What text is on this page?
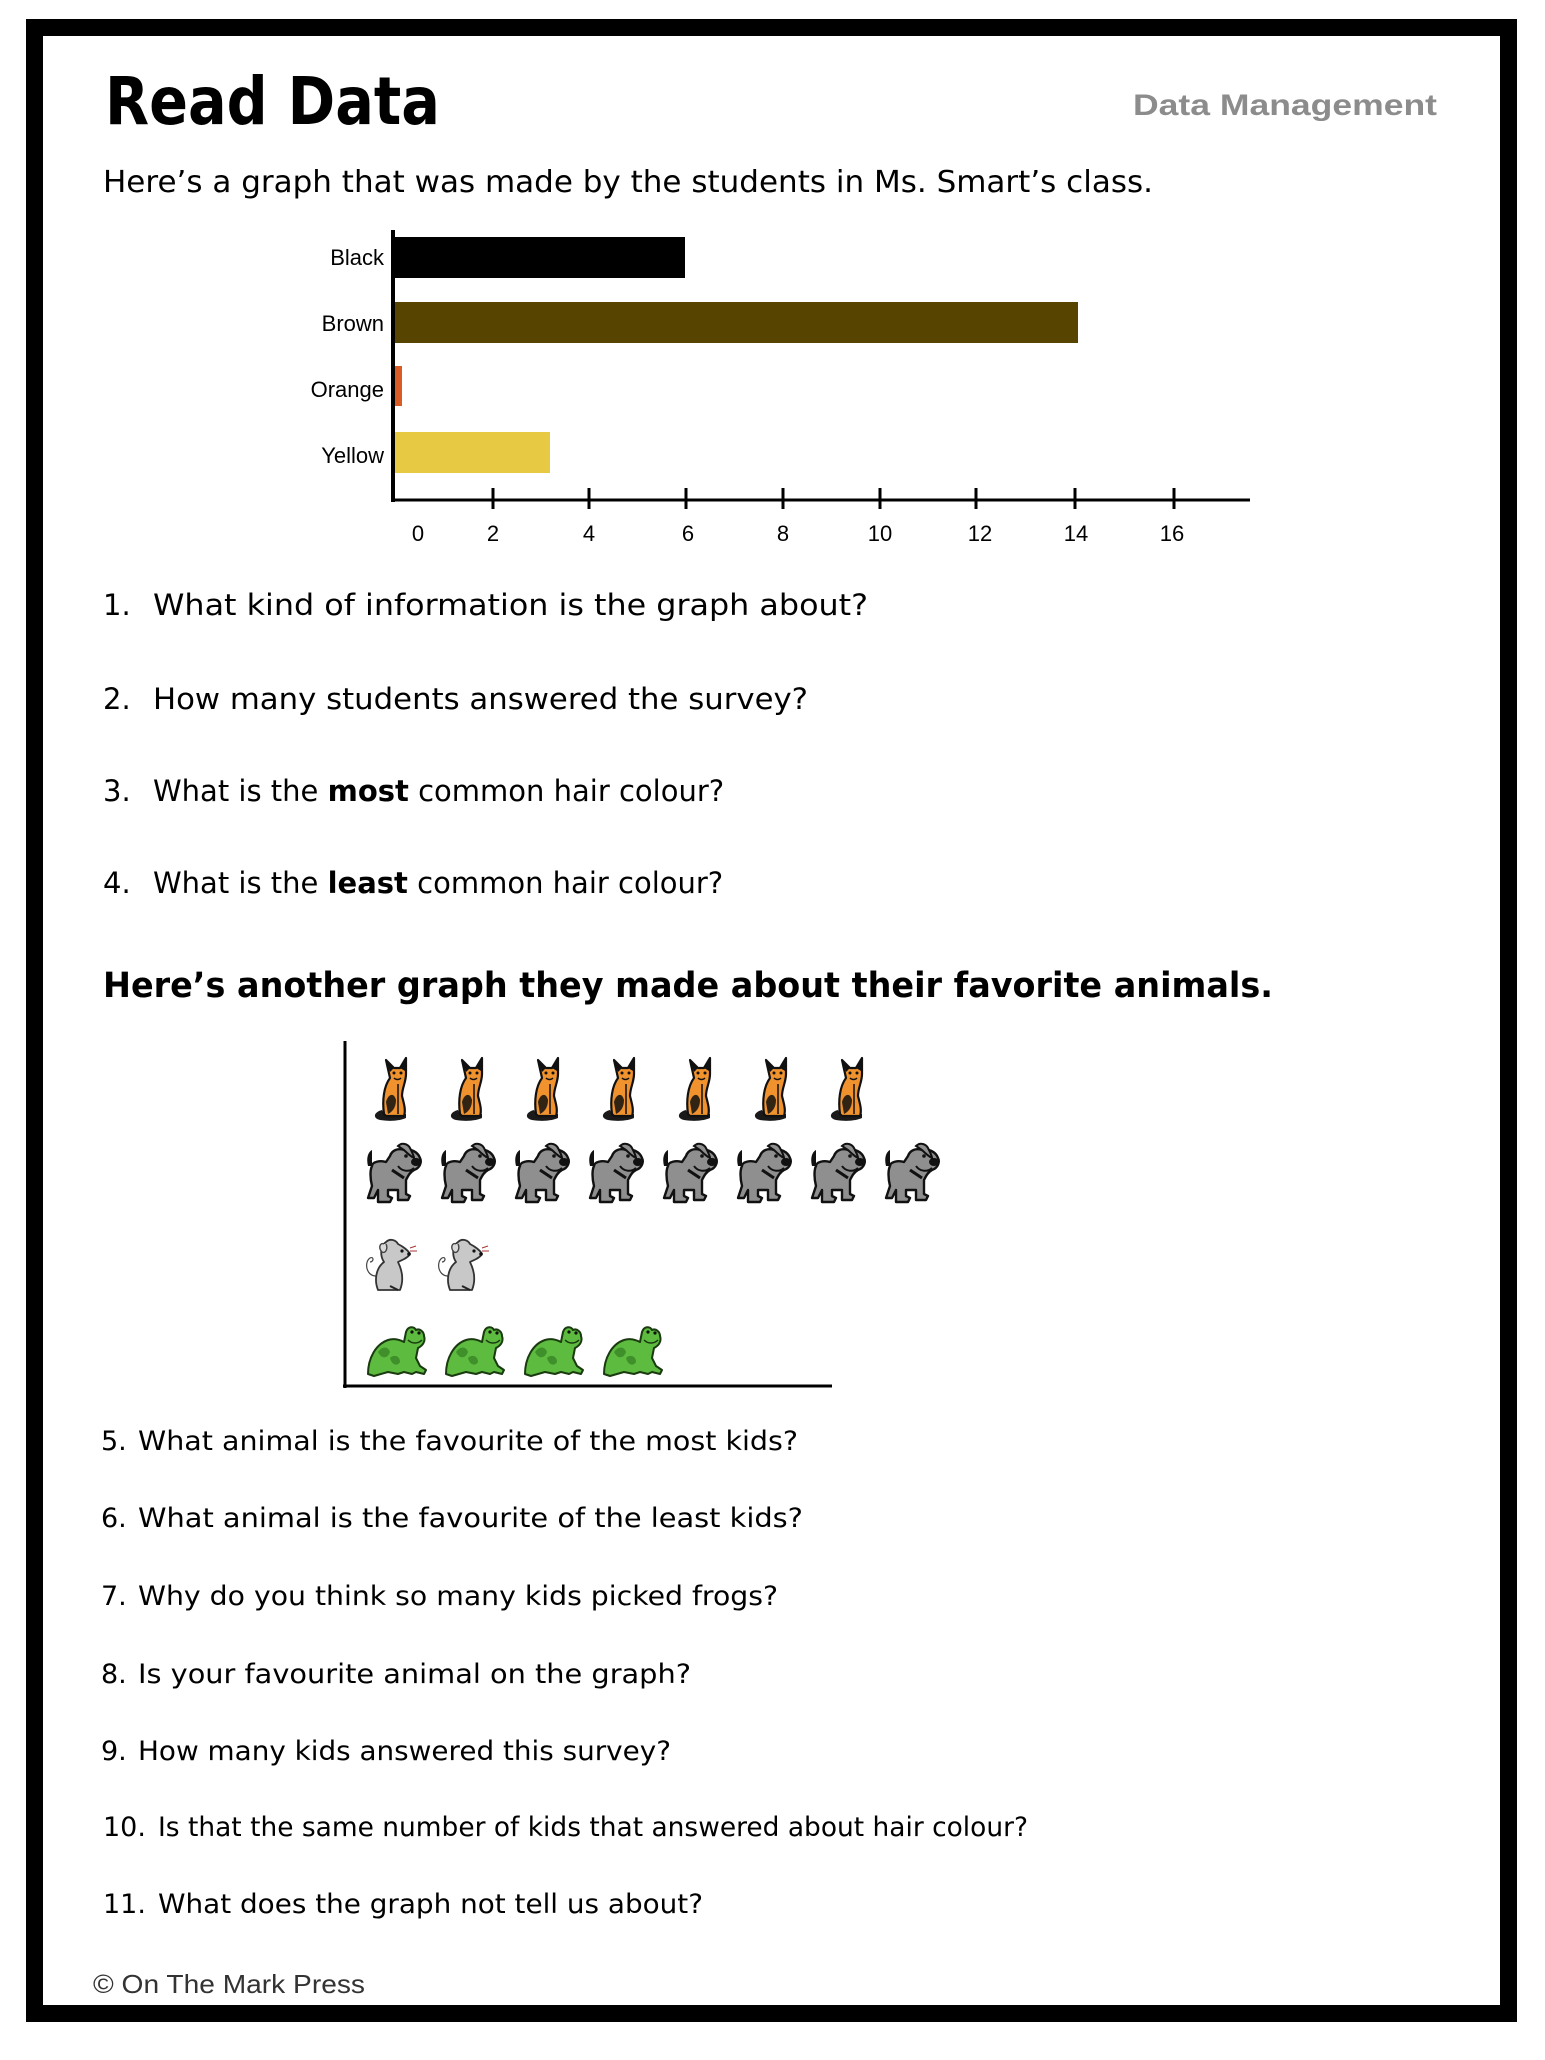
Read Data	Data Management
Here’s a graph that was made by the students in Ms. Smart’s class.
Black
Brown
Orange
Yellow
0	2	4	6	8	10	12	14	16
1. What kind of information is the graph about?
2. How many students answered the survey?
3. What is the most common hair colour?
4. What is the least common hair colour?
Here’s another graph they made about their favorite animals.
5. What animal is the favourite of the most kids?
6. What animal is the favourite of the least kids?
7. Why do you think so many kids picked frogs?
8. Is your favourite animal on the graph?
9. How many kids answered this survey?
10. Is that the same number of kids that answered about hair colour?
11. What does the graph not tell us about?
© On The Mark Press
